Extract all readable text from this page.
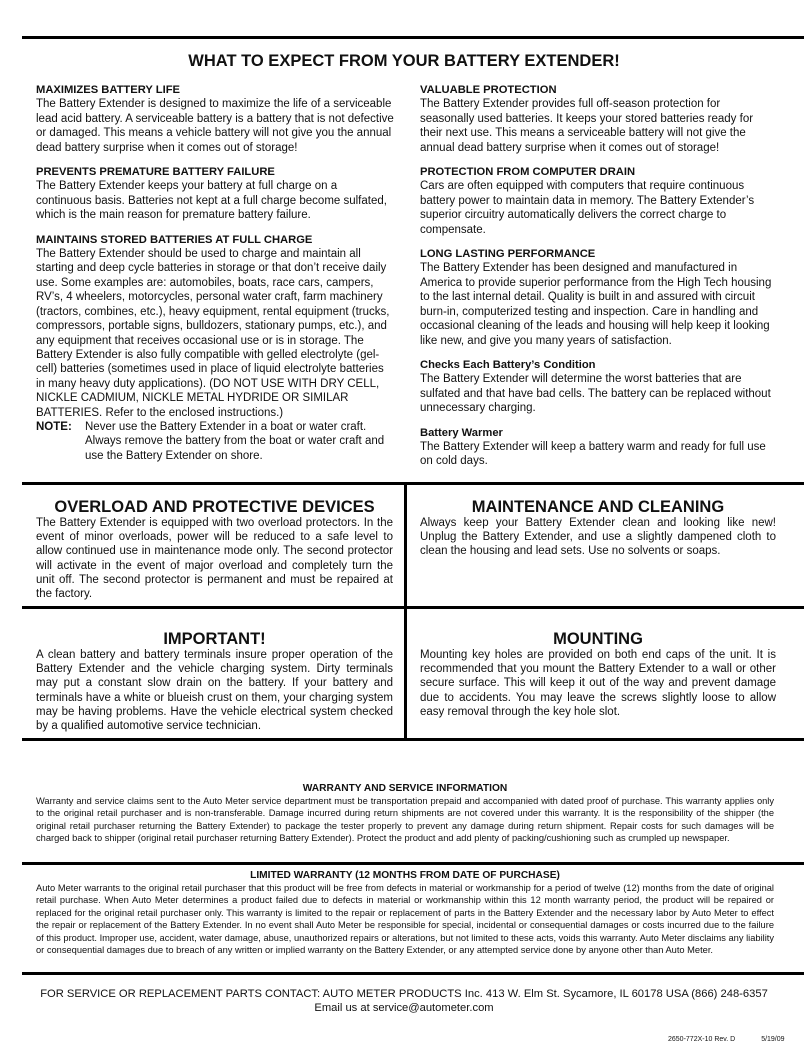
WHAT TO EXPECT FROM YOUR BATTERY EXTENDER!
MAXIMIZES BATTERY LIFE

The Battery Extender is designed to maximize the life of a serviceable lead acid battery. A serviceable battery is a battery that is not defective or damaged. This means a vehicle battery will not give you the annual dead battery surprise when it comes out of storage!

PREVENTS PREMATURE BATTERY FAILURE

The Battery Extender keeps your battery at full charge on a continuous basis. Batteries not kept at a full charge become sulfated, which is the main reason for premature battery failure.

MAINTAINS STORED BATTERIES AT FULL CHARGE

The Battery Extender should be used to charge and maintain all starting and deep cycle batteries in storage or that don’t receive daily use. Some examples are: automobiles, boats, race cars, campers, RV’s, 4 wheelers, motorcycles, personal water craft, farm machinery (tractors, combines, etc.), heavy equipment, rental equipment (trucks, compressors, portable signs, bulldozers, stationary pumps, etc.), and any equipment that receives occasional use or is in storage. The Battery Extender is also fully compatible with gelled electrolyte (gel-cell) batteries (sometimes used in place of liquid electrolyte batteries in many heavy duty applications). (DO NOT USE WITH DRY CELL, NICKLE CADMIUM, NICKLE METAL HYDRIDE OR SIMILAR BATTERIES. Refer to the enclosed instructions.)

NOTE:	Never use the Battery Extender in a boat or water craft. Always remove the battery from the boat or water craft and use the Battery Extender on shore.
VALUABLE PROTECTION

The Battery Extender provides full off-season protection for seasonally used batteries. It keeps your stored batteries ready for their next use. This means a serviceable battery will not give the annual dead battery surprise when it comes out of storage!

PROTECTION FROM COMPUTER DRAIN

Cars are often equipped with computers that require continuous battery power to maintain data in memory. The Battery Extender’s superior circuitry automatically delivers the correct charge to compensate.

LONG LASTING PERFORMANCE

The Battery Extender has been designed and manufactured in America to provide superior performance from the High Tech housing to the last internal detail. Quality is built in and assured with circuit burn-in, computerized testing and inspection. Care in handling and occasional cleaning of the leads and housing will help keep it looking like new, and give you many years of satisfaction.

Checks Each Battery’s Condition

The Battery Extender will determine the worst batteries that are sulfated and that have bad cells. The battery can be replaced without unnecessary charging.

Battery Warmer

The Battery Extender will keep a battery warm and ready for full use on cold days.

OVERLOAD AND PROTECTIVE DEVICES

The Battery Extender is equipped with two overload protectors. In the event of minor overloads, power will be reduced to a safe level to allow continued use in maintenance mode only. The second protector will activate in the event of major overload and completely turn the unit off. The second protector is permanent and must be repaired at the factory.

MAINTENANCE AND CLEANING

Always keep your Battery Extender clean and looking like new! Unplug the Battery Extender, and use a slightly dampened cloth to clean the housing and lead sets. Use no solvents or soaps.

IMPORTANT!

A clean battery and battery terminals insure proper operation of the Battery Extender and the vehicle charging system. Dirty terminals may put a constant slow drain on the battery. If your battery and terminals have a white or blueish crust on them, your charging system may be having problems. Have the vehicle electrical system checked by a qualified automotive service technician.

MOUNTING

Mounting key holes are provided on both end caps of the unit. It is recommended that you mount the Battery Extender to a wall or other secure surface. This will keep it out of the way and prevent damage due to accidents. You may leave the screws slightly loose to allow easy removal through the key hole slot.

WARRANTY AND SERVICE INFORMATION

Warranty and service claims sent to the Auto Meter service department must be transportation prepaid and accompanied with dated proof of purchase. This warranty applies only to the original retail purchaser and is non-transferable. Damage incurred during return shipments are not covered under this warranty. It is the responsibility of the shipper (the original retail purchaser returning the Battery Extender) to package the tester properly to prevent any damage during return shipment. Repair costs for such damages will be charged back to shipper (original retail purchaser returning Battery Extender). Protect the product and add plenty of packing/cushioning such as crumpled up newspaper.

LIMITED WARRANTY (12 MONTHS FROM DATE OF PURCHASE)

Auto Meter warrants to the original retail purchaser that this product will be free from defects in material or workmanship for a period of twelve (12) months from the date of original retail purchase. When Auto Meter determines a product failed due to defects in material or workmanship within this 12 month warranty period, the product will be repaired or replaced for the original retail purchaser only. This warranty is limited to the repair or replacement of parts in the Battery Extender and the necessary labor by Auto Meter to effect the repair or replacement of the Battery Extender. In no event shall Auto Meter be responsible for special, incidental or consequential damages or costs incurred due to the failure of this product. Improper use, accident, water damage, abuse, unauthorized repairs or alterations, but not limited to these acts, voids this warranty. Auto Meter disclaims any liability or consequential damages due to breach of any written or implied warranty on the Battery Extender, or any attempted service done by anyone other than Auto Meter.

FOR SERVICE OR REPLACEMENT PARTS CONTACT: AUTO METER PRODUCTS Inc. 413 W. Elm St. Sycamore, IL 60178 USA (866) 248-6357
Email us at service@autometer.com
2650-772X-10 Rev. D	5/19/09
